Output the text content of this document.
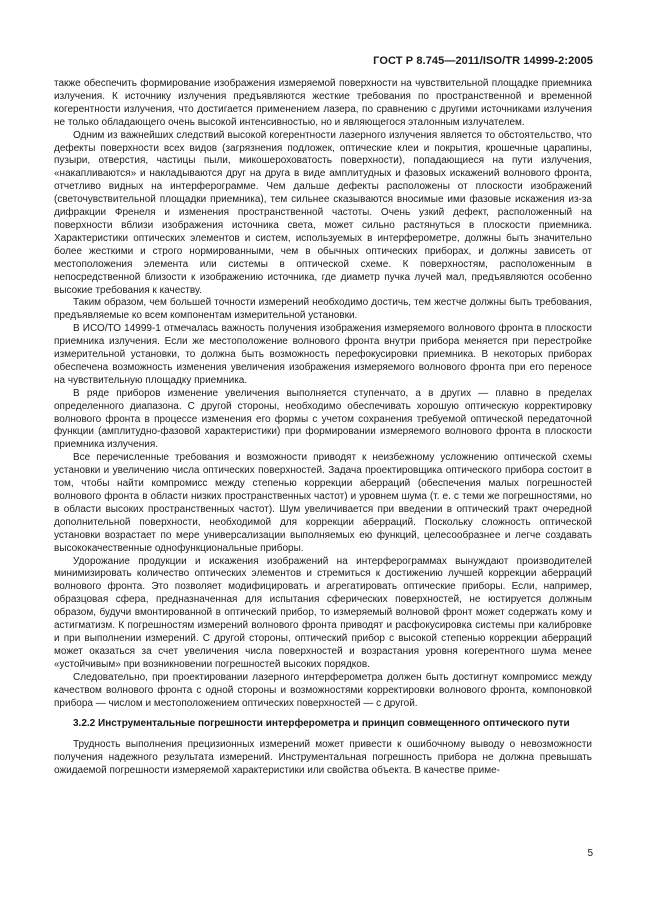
ГОСТ Р 8.745—2011/ISO/TR 14999-2:2005

также обеспечить формирование изображения измеряемой поверхности на чувствительной площадке приемника излучения. К источнику излучения предъявляются жесткие требования по пространственной и временной когерентности излучения, что достигается применением лазера, по сравнению с другими источниками излучения не только обладающего очень высокой интенсивностью, но и являющегося эталонным излучателем.

Одним из важнейших следствий высокой когерентности лазерного излучения является то обстоятельство, что дефекты поверхности всех видов (загрязнения подложек, оптические клеи и покрытия, крошечные царапины, пузыри, отверстия, частицы пыли, микошероховатость поверхности), попадающиеся на пути излучения, «накапливаются» и накладываются друг на друга в виде амплитудных и фазовых искажений волнового фронта, отчетливо видных на интерферограмме. Чем дальше дефекты расположены от плоскости изображений (светочувствительной площадки приемника), тем сильнее сказываются вносимые ими фазовые искажения из-за дифракции Френеля и изменения пространственной частоты. Очень узкий дефект, расположенный на поверхности вблизи изображения источника света, может сильно растянуться в плоскости приемника. Характеристики оптических элементов и систем, используемых в интерферометре, должны быть значительно более жесткими и строго нормированными, чем в обычных оптических приборах, и должны зависеть от местоположения элемента или системы в оптической схеме. К поверхностям, расположенным в непосредственной близости к изображению источника, где диаметр пучка лучей мал, предъявляются особенно высокие требования к качеству.

Таким образом, чем большей точности измерений необходимо достичь, тем жестче должны быть требования, предъявляемые ко всем компонентам измерительной установки.

В ИСО/ТО 14999-1 отмечалась важность получения изображения измеряемого волнового фронта в плоскости приемника излучения. Если же местоположение волнового фронта внутри прибора меняется при перестройке измерительной установки, то должна быть возможность перефокусировки приемника. В некоторых приборах обеспечена возможность изменения увеличения изображения измеряемого волнового фронта при его переносе на чувствительную площадку приемника.

В ряде приборов изменение увеличения выполняется ступенчато, а в других — плавно в пределах определенного диапазона. С другой стороны, необходимо обеспечивать хорошую оптическую корректировку волнового фронта в процессе изменения его формы с учетом сохранения требуемой оптической передаточной функции (амплитудно-фазовой характеристики) при формировании измеряемого волнового фронта в плоскости приемника излучения.

Все перечисленные требования и возможности приводят к неизбежному усложнению оптической схемы установки и увеличению числа оптических поверхностей. Задача проектировщика оптического прибора состоит в том, чтобы найти компромисс между степенью коррекции аберраций (обеспечения малых погрешностей волнового фронта в области низких пространственных частот) и уровнем шума (т. е. с теми же погрешностями, но в области высоких пространственных частот). Шум увеличивается при введении в оптический тракт очередной дополнительной поверхности, необходимой для коррекции аберраций. Поскольку сложность оптической установки возрастает по мере универсализации выполняемых ею функций, целесообразнее и легче создавать высококачественные однофункциональные приборы.

Удорожание продукции и искажения изображений на интерферограммах вынуждают производителей минимизировать количество оптических элементов и стремиться к достижению лучшей коррекции аберраций волнового фронта. Это позволяет модифицировать и агрегатировать оптические приборы. Если, например, образцовая сфера, предназначенная для испытания сферических поверхностей, не юстируется должным образом, будучи вмонтированной в оптический прибор, то измеряемый волновой фронт может содержать кому и астигматизм. К погрешностям измерений волнового фронта приводят и расфокусировка системы при калибровке и при выполнении измерений. С другой стороны, оптический прибор с высокой степенью коррекции аберраций может оказаться за счет увеличения числа поверхностей и возрастания уровня когерентного шума менее «устойчивым» при возникновении погрешностей высоких порядков.

Следовательно, при проектировании лазерного интерферометра должен быть достигнут компромисс между качеством волнового фронта с одной стороны и возможностями корректировки волнового фронта, компоновкой прибора — числом и местоположением оптических поверхностей — с другой.

3.2.2 Инструментальные погрешности интерферометра и принцип совмещенного оптического пути

Трудность выполнения прецизионных измерений может привести к ошибочному выводу о невозможности получения надежного результата измерений. Инструментальная погрешность прибора не должна превышать ожидаемой погрешности измеряемой характеристики или свойства объекта. В качестве приме-

5
